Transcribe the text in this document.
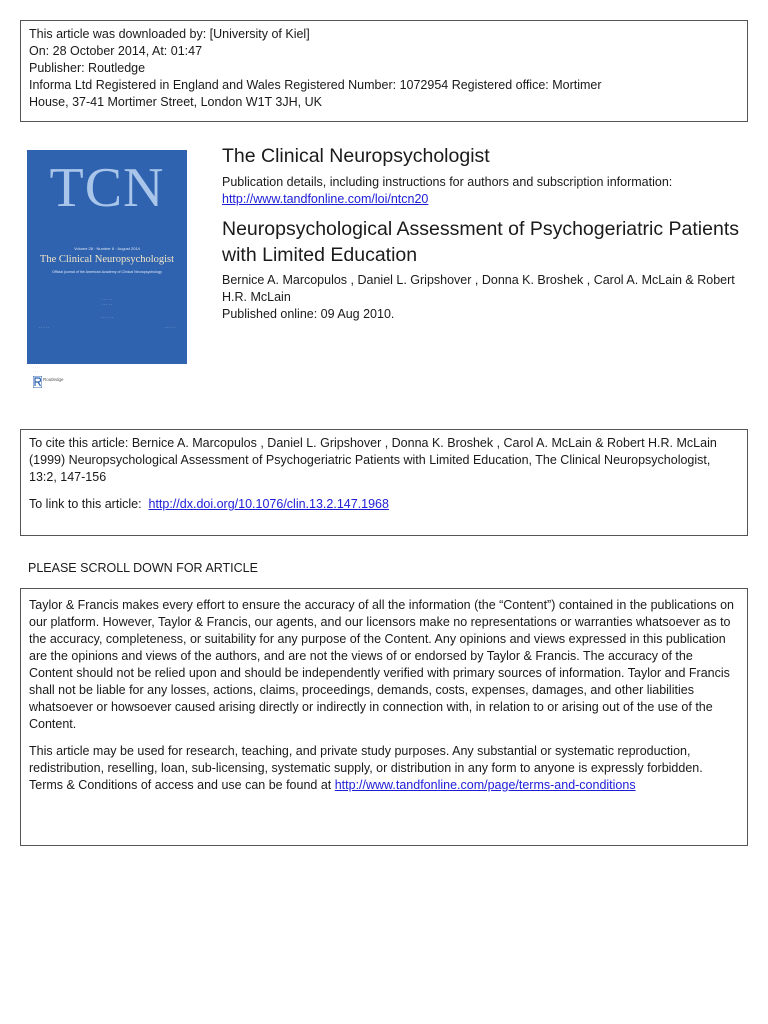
This article was downloaded by: [University of Kiel]
On: 28 October 2014, At: 01:47
Publisher: Routledge
Informa Ltd Registered in England and Wales Registered Number: 1072954 Registered office: Mortimer
House, 37-41 Mortimer Street, London W1T 3JH, UK
TCN
Volume 28 · Number 6 · August 2014
The Clinical Neuropsychologist
Official journal of the American Academy of Clinical Neuropsychology
· · · · ·
· · · · ·
· · · · · ·
· · · · ·	· · · · ·
· · · ·
· · ·
Routledge
The Clinical Neuropsychologist
Publication details, including instructions for authors and subscription information:
http://www.tandfonline.com/loi/ntcn20
Neuropsychological Assessment of Psychogeriatric Patients with Limited Education
Bernice A. Marcopulos , Daniel L. Gripshover , Donna K. Broshek , Carol A. McLain & Robert H.R. McLain
Published online: 09 Aug 2010.
To cite this article: Bernice A. Marcopulos , Daniel L. Gripshover , Donna K. Broshek , Carol A. McLain & Robert H.R. McLain (1999) Neuropsychological Assessment of Psychogeriatric Patients with Limited Education, The Clinical Neuropsychologist, 13:2, 147-156
To link to this article: http://dx.doi.org/10.1076/clin.13.2.147.1968
PLEASE SCROLL DOWN FOR ARTICLE
Taylor & Francis makes every effort to ensure the accuracy of all the information (the “Content”) contained in the publications on our platform. However, Taylor & Francis, our agents, and our licensors make no representations or warranties whatsoever as to the accuracy, completeness, or suitability for any purpose of the Content. Any opinions and views expressed in this publication are the opinions and views of the authors, and are not the views of or endorsed by Taylor & Francis. The accuracy of the Content should not be relied upon and should be independently verified with primary sources of information. Taylor and Francis shall not be liable for any losses, actions, claims, proceedings, demands, costs, expenses, damages, and other liabilities whatsoever or howsoever caused arising directly or indirectly in connection with, in relation to or arising out of the use of the Content.
This article may be used for research, teaching, and private study purposes. Any substantial or systematic reproduction, redistribution, reselling, loan, sub-licensing, systematic supply, or distribution in any form to anyone is expressly forbidden. Terms & Conditions of access and use can be found at http://www.tandfonline.com/page/terms-and-conditions
